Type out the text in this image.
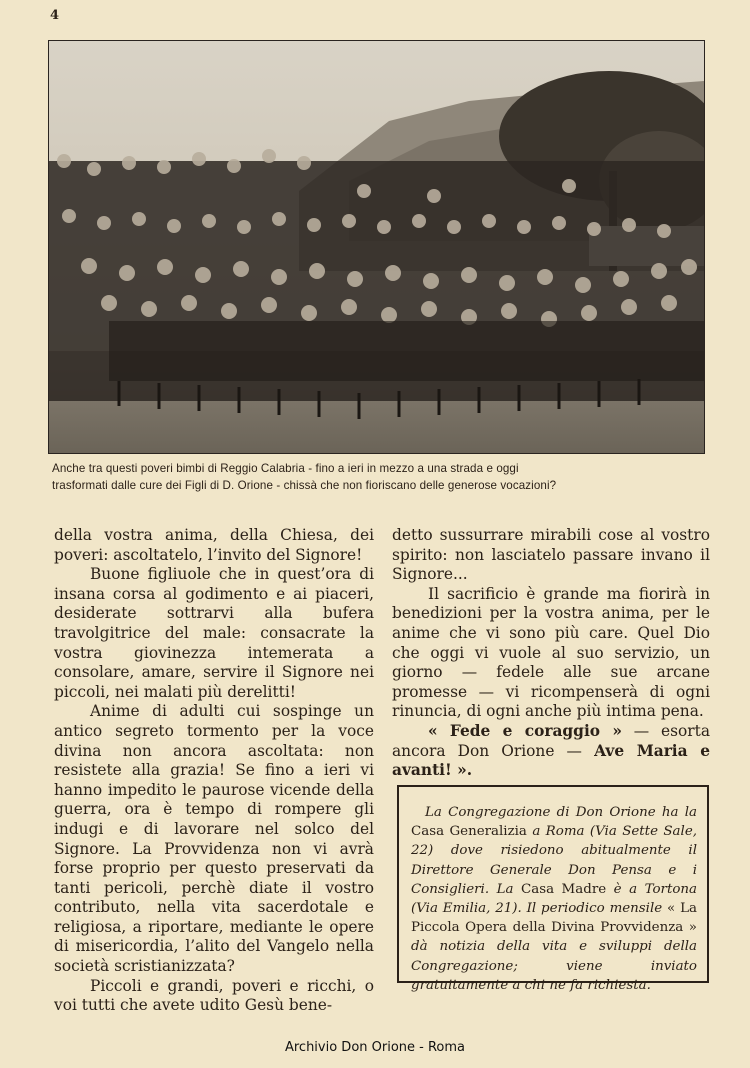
4
Anche tra questi poveri bimbi di Reggio Calabria - fino a ieri in mezzo a una strada e oggi
trasformati dalle cure dei Figli di D. Orione - chissà che non fioriscano delle generose vocazioni?

della vostra anima, della Chiesa, dei poveri: ascoltatelo, l’invito del Signore!

Buone figliuole che in quest’ora di insana corsa al godimento e ai piaceri, desiderate sottrarvi alla bufera travolgitrice del male: consacrate la vostra giovinezza intemerata a consolare, amare, servire il Signore nei piccoli, nei malati più derelitti!

Anime di adulti cui sospinge un antico segreto tormento per la voce divina non ancora ascoltata: non resistete alla grazia! Se fino a ieri vi hanno impedito le paurose vicende della guerra, ora è tempo di rompere gli indugi e di lavorare nel solco del Signore. La Provvidenza non vi avrà forse proprio per questo preservati da tanti pericoli, perchè diate il vostro contributo, nella vita sacerdotale e religiosa, a riportare, mediante le opere di misericordia, l’alito del Vangelo nella società scristianizzata?

Piccoli e grandi, poveri e ricchi, o voi tutti che avete udito Gesù bene-

detto sussurrare mirabili cose al vostro spirito: non lasciatelo passare invano il Signore...

Il sacrificio è grande ma fiorirà in benedizioni per la vostra anima, per le anime che vi sono più care. Quel Dio che oggi vi vuole al suo servizio, un giorno — fedele alle sue arcane promesse — vi ricompenserà di ogni rinuncia, di ogni anche più intima pena.

« Fede e coraggio » — esorta ancora Don Orione — Ave Maria e avanti! ».

La Congregazione di Don Orione ha la Casa Generalizia a Roma (Via Sette Sale, 22) dove risiedono abitualmente il Direttore Generale Don Pensa e i Consiglieri. La Casa Madre è a Tortona (Via Emilia, 21). Il periodico mensile « La Piccola Opera della Divina Provvidenza » dà notizia della vita e sviluppi della Congregazione; viene inviato gratuitamente a chi ne fa richiesta.

Archivio Don Orione - Roma
